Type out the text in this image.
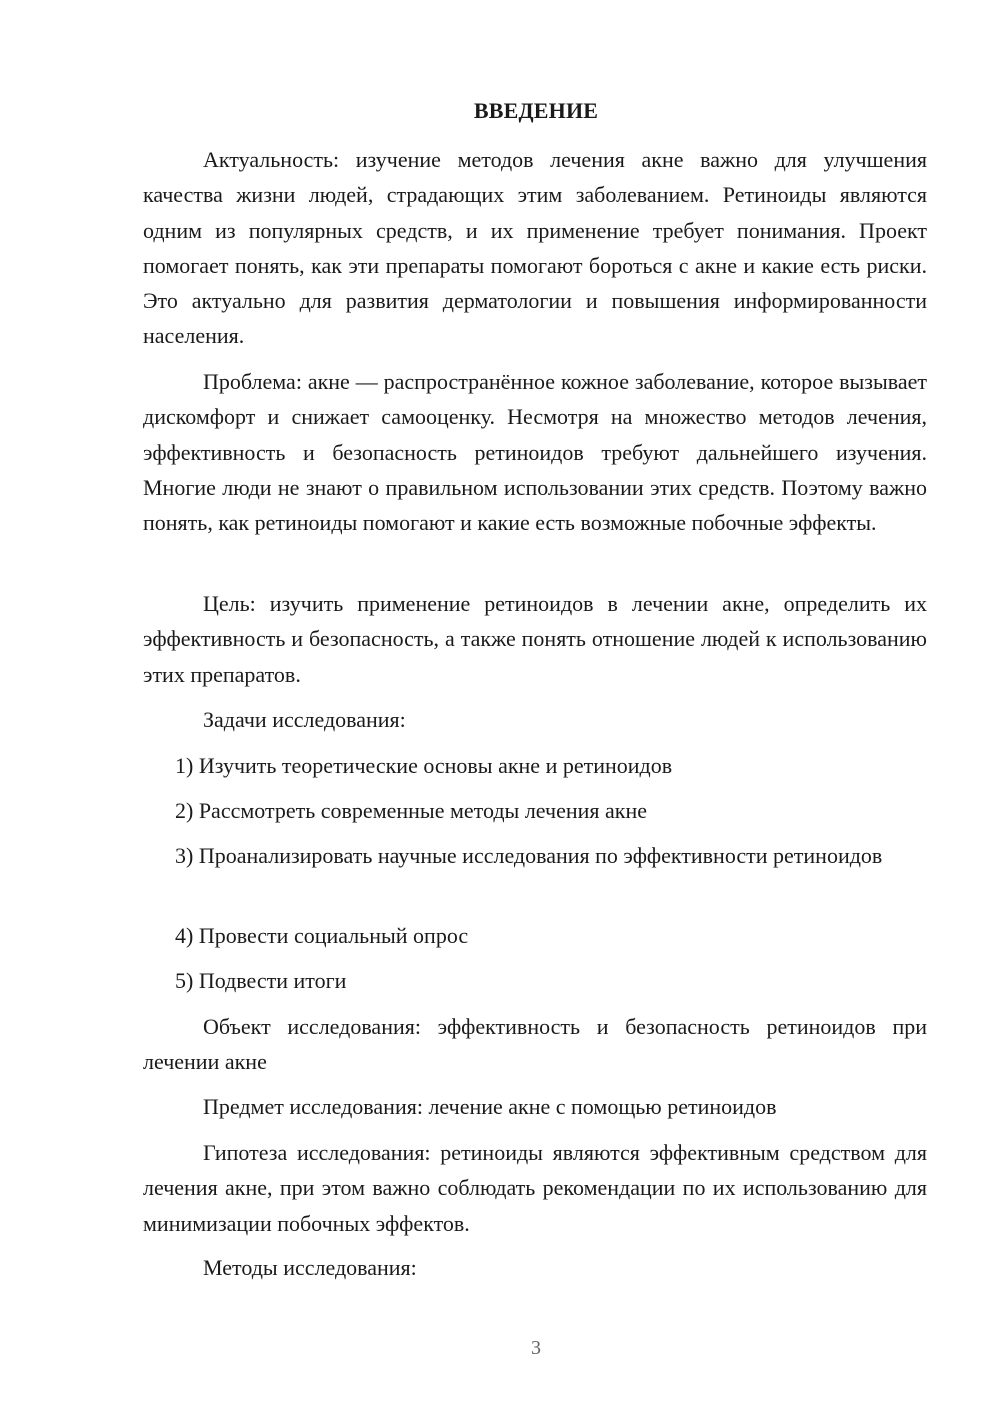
ВВЕДЕНИЕ

Актуальность: изучение методов лечения акне важно для улучшения качества жизни людей, страдающих этим заболеванием. Ретиноиды являются одним из популярных средств, и их применение требует понимания. Проект помогает понять, как эти препараты помогают бороться с акне и какие есть риски. Это актуально для развития дерматологии и повышения информированности населения.

Проблема: акне — распространённое кожное заболевание, которое вызывает дискомфорт и снижает самооценку. Несмотря на множество методов лечения, эффективность и безопасность ретиноидов требуют дальнейшего изучения. Многие люди не знают о правильном использовании этих средств. Поэтому важно понять, как ретиноиды помогают и какие есть возможные побочные эффекты.

Цель: изучить применение ретиноидов в лечении акне, определить их эффективность и безопасность, а также понять отношение людей к использованию этих препаратов.

Задачи исследования:

1) Изучить теоретические основы акне и ретиноидов

2) Рассмотреть современные методы лечения акне

3) Проанализировать научные исследования по эффективности ретиноидов

4) Провести социальный опрос

5) Подвести итоги

Объект исследования: эффективность и безопасность ретиноидов при лечении акне

Предмет исследования: лечение акне с помощью ретиноидов

Гипотеза исследования: ретиноиды являются эффективным средством для лечения акне, при этом важно соблюдать рекомендации по их использованию для минимизации побочных эффектов.

Методы исследования:

3
